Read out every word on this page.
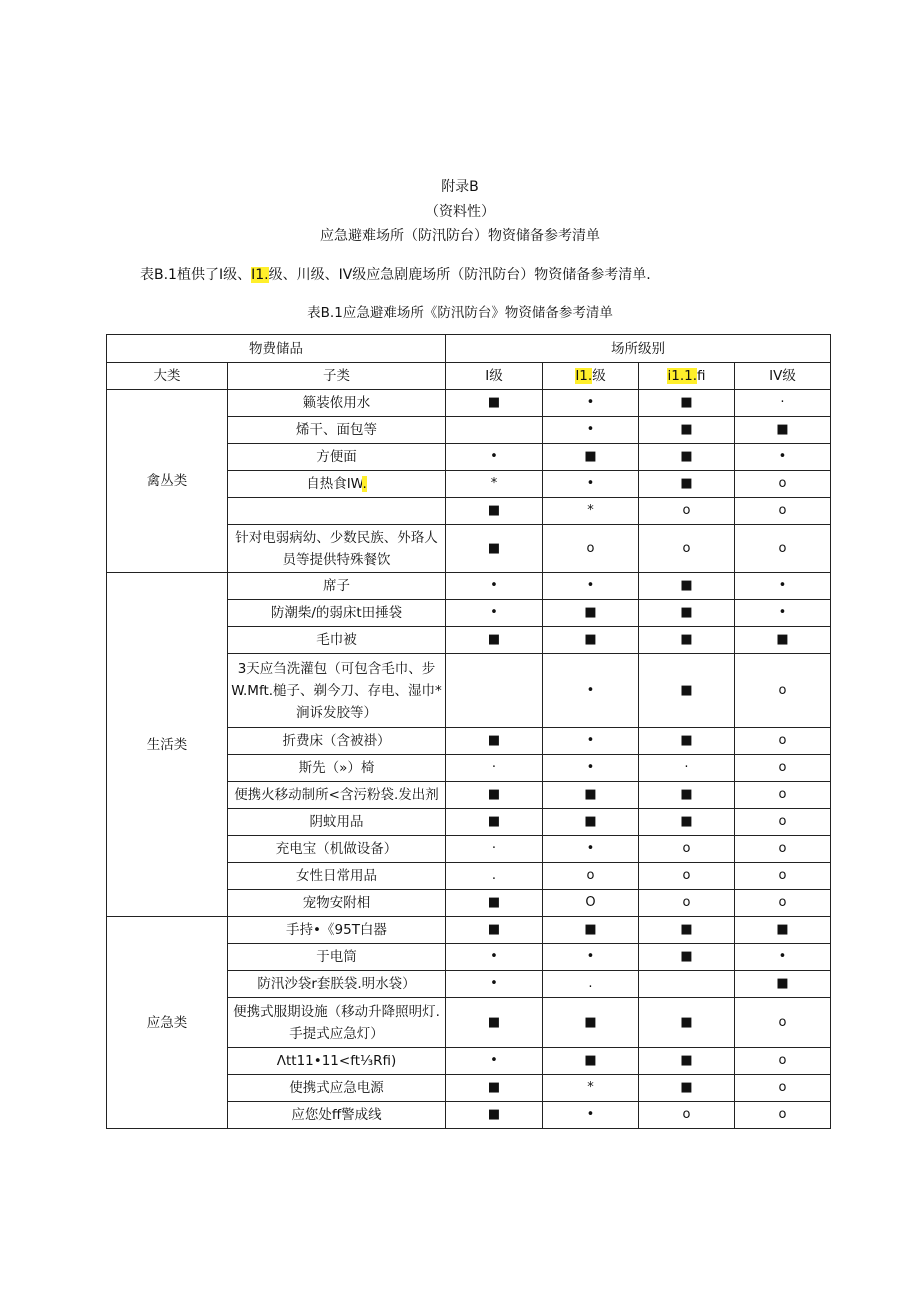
附录B
（资料性）
应急避难场所（防汛防台）物资储备参考清单
表B.1植供了I级、I1.级、川级、IV级应急剧鹿场所（防汛防台）物资储备参考清单.
表B.1应急避难场所《防汛防台》物资储备参考清单
物费储品		场所级别			
大类	子类	I级	I1.级	i1.1.fi	IV级
禽丛类	籁装侬用水	■	•	■	·
	烯干、面包等		•	■	■
	方便面	•	■	■	•
	自热食IW.	*	•	■	o
		■	*	o	o
	针对电弱病幼、少数民族、外珞人员等提供特殊餐饮	■	o	o	o
生活类	席子	•	•	■	•
	防潮柴/的弱床t田捶袋	•	■	■	•
	毛巾被	■	■	■	■
	3天应刍洗灌包（可包含毛巾、步W.Mft.槌子、剃今刀、存电、湿巾*涧诉发胶等）		•	■	o
	折费床（含被褂）	■	•	■	o
	斯先（»）椅	·	•	·	o
	便携火移动制所<含污粉袋.发出剂	■	■	■	o
	阴蚊用品	■	■	■	o
	充电宝（机做设备）	·	•	o	o
	女性日常用品	.	o	o	o
	宠物安附相	■	O	o	o
应急类	手持•《95T白器	■	■	■	■
	于电筒	•	•	■	•
	防汛沙袋r套朕袋.明水袋）	•	.		■
	便携式服期设施（移动升降照明灯.手提式应急灯）	■	■	■	o
	Λtt11•11<ft⅓Rfi)	•	■	■	o
	使携式应急电源	■	*	■	o
	应您处ff警成线	■	•	o	o
